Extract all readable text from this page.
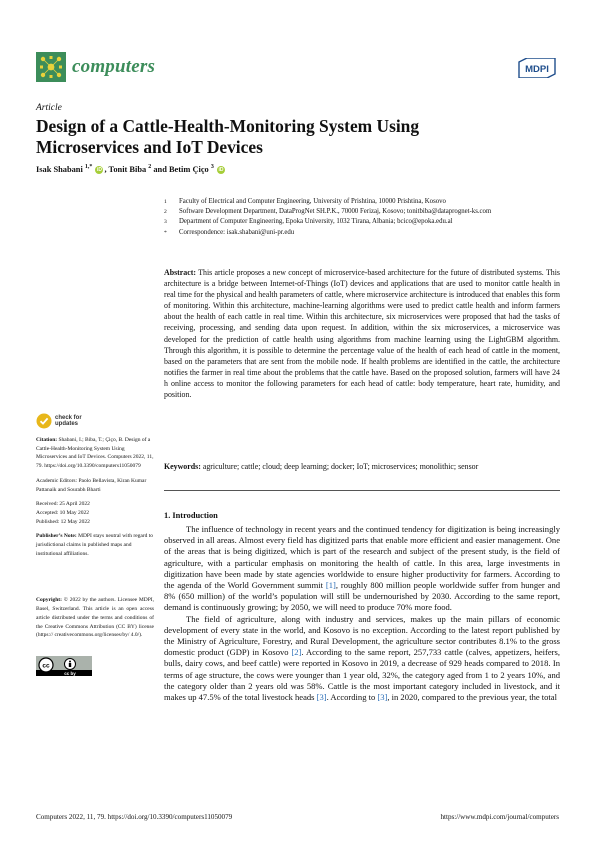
computers	MDPI
Article
Design of a Cattle-Health-Monitoring System Using Microservices and IoT Devices
Isak Shabani $^{1,*}$ iD , Tonit Biba $^2$ and Betim Çiço $^3$ iD
1	Faculty of Electrical and Computer Engineering, University of Prishtina, 10000 Prishtina, Kosovo
2	Software Development Department, DataProgNet SH.P.K., 70000 Ferizaj, Kosovo; tonitbiba@dataprognet-ks.com
3	Department of Computer Engineering, Epoka University, 1032 Tirana, Albania; bcico@epoka.edu.al
*	Correspondence: isak.shabani@uni-pr.edu
Abstract: This article proposes a new concept of microservice-based architecture for the future of distributed systems. This architecture is a bridge between Internet-of-Things (IoT) devices and applications that are used to monitor cattle health in real time for the physical and health parameters of cattle, where microservice architecture is introduced that enables this form of monitoring. Within this architecture, machine-learning algorithms were used to predict cattle health and inform farmers about the health of each cattle in real time. Within this architecture, six microservices were proposed that had the tasks of receiving, processing, and sending data upon request. In addition, within the six microservices, a microservice was developed for the prediction of cattle health using algorithms from machine learning using the LightGBM algorithm. Through this algorithm, it is possible to determine the percentage value of the health of each head of cattle in the moment, based on the parameters that are sent from the mobile node. If health problems are identified in the cattle, the architecture notifies the farmer in real time about the problems that the cattle have. Based on the proposed solution, farmers will have 24 h online access to monitor the following parameters for each head of cattle: body temperature, heart rate, humidity, and position.
Keywords: agriculture; cattle; cloud; deep learning; docker; IoT; microservices; monolithic; sensor
1. Introduction

The influence of technology in recent years and the continued tendency for digitization is being increasingly observed in all areas. Almost every field has digitized parts that enable more efficient and easier management. One of the areas that is being digitized, which is part of the research and subject of the present study, is the field of agriculture, with a particular emphasis on monitoring the health of cattle. In this area, large investments in digitization have been made by state agencies worldwide to ensure higher productivity for farmers. According to the agenda of the World Government summit [1], roughly 800 million people worldwide suffer from hunger and 8% (650 million) of the world’s population will still be undernourished by 2030. According to the same report, demand is continuously growing; by 2050, we will need to produce 70% more food.

The field of agriculture, along with industry and services, makes up the main pillars of economic development of every state in the world, and Kosovo is no exception. According to the latest report published by the Ministry of Agriculture, Forestry, and Rural Development, the agriculture sector contributes 8.1% to the gross domestic product (GDP) in Kosovo [2]. According to the same report, 257,733 cattle (calves, appetizers, heifers, bulls, dairy cows, and beef cattle) were reported in Kosovo in 2019, a decrease of 929 heads compared to 2018. In terms of age structure, the cows were younger than 1 year old, 32%, the category aged from 1 to 2 years 10%, and the category older than 2 years old was 58%. Cattle is the most important category included in livestock, and it makes up 47.5% of the total livestock heads [3]. According to [3], in 2020, compared to the previous year, the total

check for updates

Citation: Shabani, I.; Biba, T.; Çiço, B. Design of a Cattle-Health-Monitoring System Using Microservices and IoT Devices. Computers 2022, 11, 79. https://doi.org/10.3390/computers11050079

Academic Editors: Paolo Bellavista, Kiran Kumar Pattanaik and Sourabh Bharti

Received: 25 April 2022

Accepted: 10 May 2022

Published: 12 May 2022

Publisher’s Note: MDPI stays neutral with regard to jurisdictional claims in published maps and institutional affiliations.

Copyright: © 2022 by the authors. Licensee MDPI, Basel, Switzerland. This article is an open access article distributed under the terms and conditions of the Creative Commons Attribution (CC BY) license (https:// creativecommons.org/licenses/by/ 4.0/).

cc
cc by
Computers 2022, 11, 79. https://doi.org/10.3390/computers11050079	https://www.mdpi.com/journal/computers
